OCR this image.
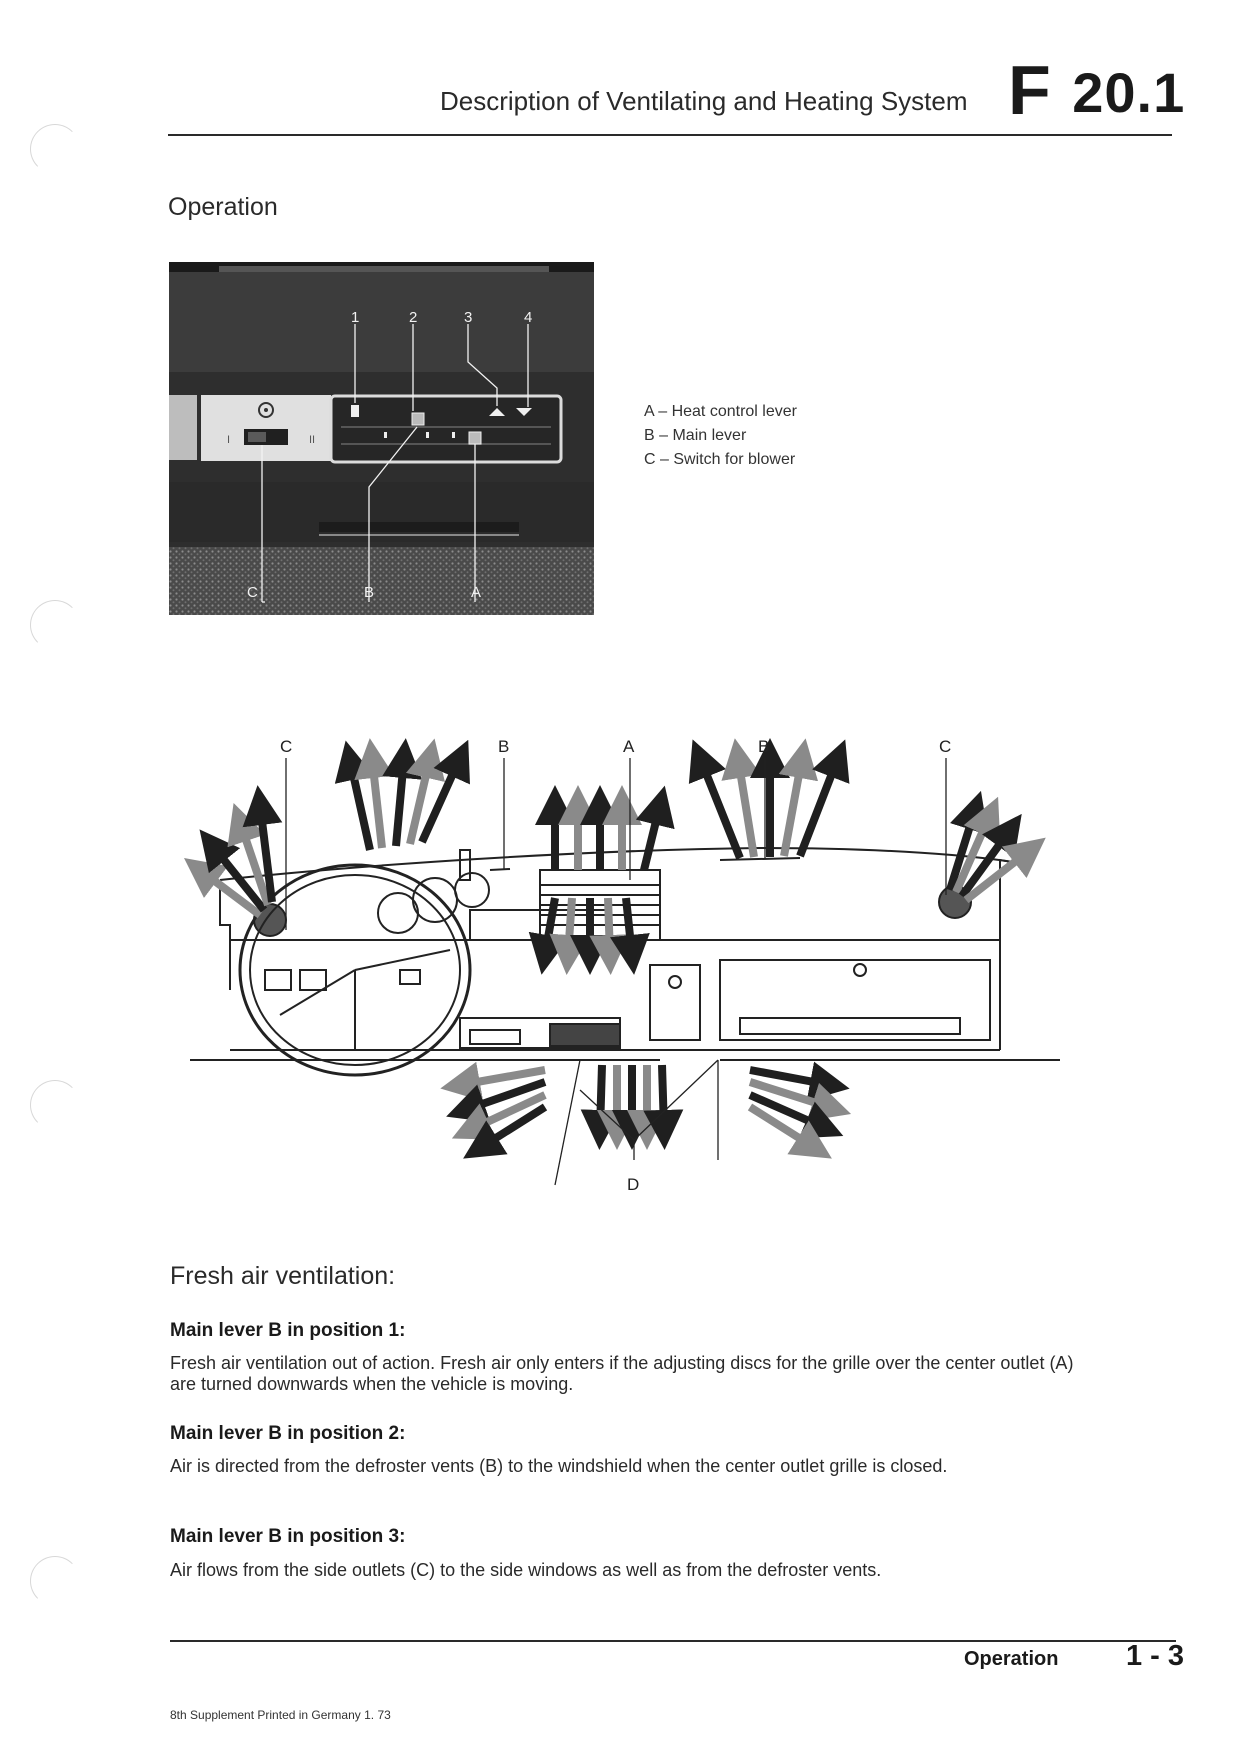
Description of Ventilating and Heating System F 20.1
Operation
I	II
1	2	3	4
C	B	A
A – Heat control lever
B – Main lever
C – Switch for blower
C	B	A	B	C
D
Fresh air ventilation:
Main lever B in position 1:
Fresh air ventilation out of action. Fresh air only enters if the adjusting discs for the grille over the center outlet (A) are turned downwards when the vehicle is moving.
Main lever B in position 2:
Air is directed from the defroster vents (B) to the windshield when the center outlet grille is closed.
Main lever B in position 3:
Air flows from the side outlets (C) to the side windows as well as from the defroster vents.
Operation 1 - 3
8th Supplement Printed in Germany 1. 73
